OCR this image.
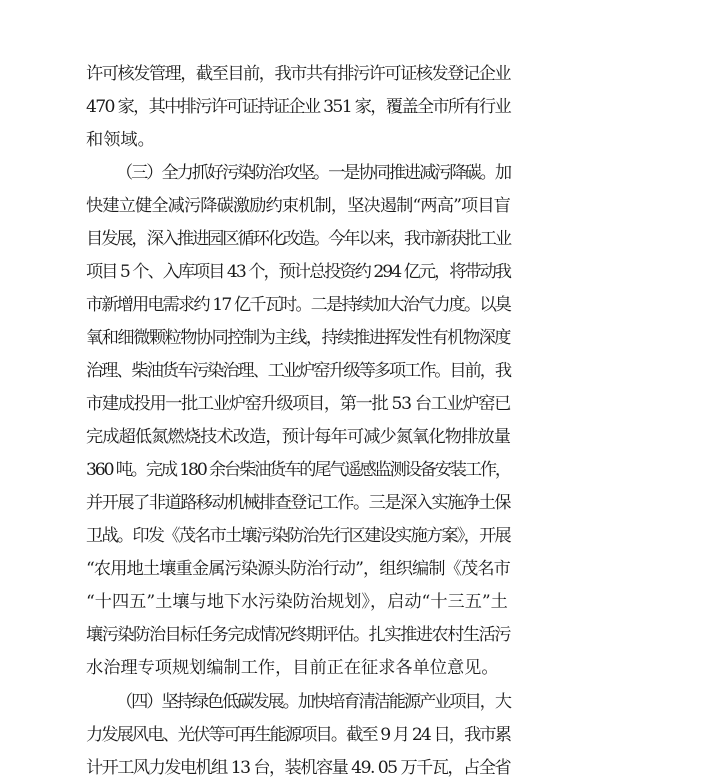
许可核发管理，截至目前，我市共有排污许可证核发登记企业
470 家，其中排污许可证持证企业 351 家，覆盖全市所有行业
和领域。
（三）全力抓好污染防治攻坚。一是协同推进减污降碳。加
快建立健全减污降碳激励约束机制，坚决遏制“两高”项目盲
目发展，深入推进园区循环化改造。今年以来，我市新获批工业
项目 5 个、入库项目 43 个，预计总投资约 294 亿元，将带动我
市新增用电需求约 17 亿千瓦时。二是持续加大治气力度。以臭
氧和细微颗粒物协同控制为主线，持续推进挥发性有机物深度
治理、柴油货车污染治理、工业炉窑升级等多项工作。目前，我
市建成投用一批工业炉窑升级项目，第一批 53 台工业炉窑已
完成超低氮燃烧技术改造，预计每年可减少氮氧化物排放量
360 吨。完成 180 余台柴油货车的尾气遥感监测设备安装工作，
并开展了非道路移动机械排查登记工作。三是深入实施净土保
卫战。印发《茂名市土壤污染防治先行区建设实施方案》，开展
“农用地土壤重金属污染源头防治行动”，组织编制《茂名市
“十四五”土壤与地下水污染防治规划》，启动“十三五”土
壤污染防治目标任务完成情况终期评估。扎实推进农村生活污
水治理专项规划编制工作，目前正在征求各单位意见。
（四）坚持绿色低碳发展。加快培育清洁能源产业项目，大
力发展风电、光伏等可再生能源项目。截至 9 月 24 日，我市累
计开工风力发电机组 13 台，装机容量 49. 05 万千瓦，占全省
